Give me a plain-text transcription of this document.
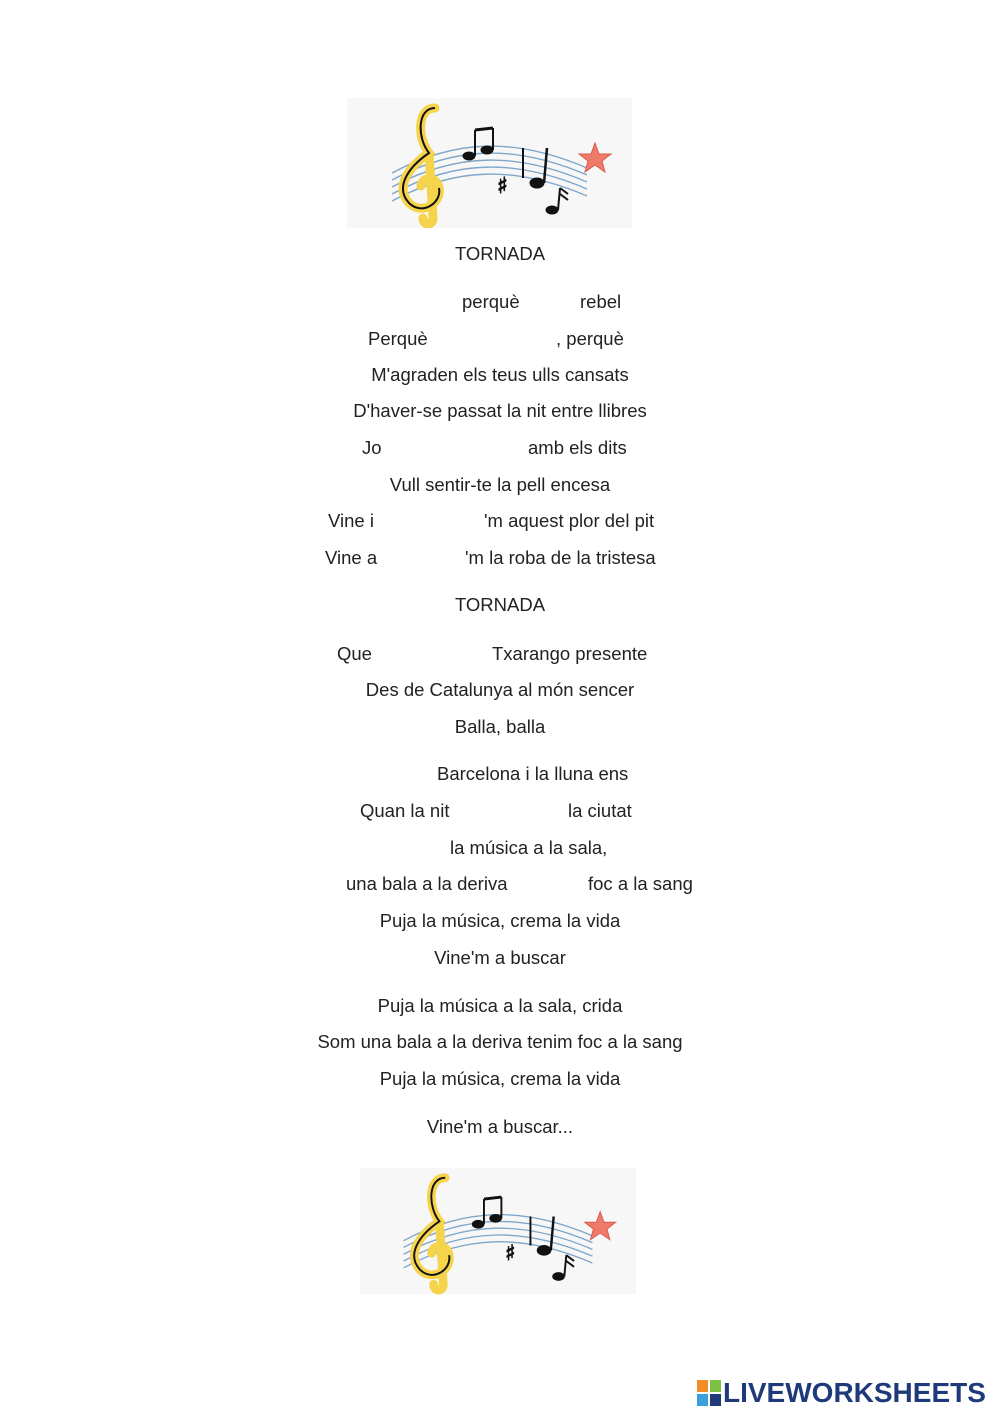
♯
TORNADA
perquè	rebel
Perquè	, perquè
M'agraden els teus ulls cansats
D'haver-se passat la nit entre llibres
Jo	amb els dits
Vull sentir-te la pell encesa
Vine i	'm aquest plor del pit
Vine a	'm la roba de la tristesa
TORNADA
Que	Txarango presente
Des de Catalunya al món sencer
Balla, balla
Barcelona i la lluna ens
Quan la nit	la ciutat
la música a la sala,
una bala a la deriva	foc a la sang
Puja la música, crema la vida
Vine'm a buscar
Puja la música a la sala, crida
Som una bala a la deriva tenim foc a la sang
Puja la música, crema la vida
Vine'm a buscar...
♯
LIVEWORKSHEETS
